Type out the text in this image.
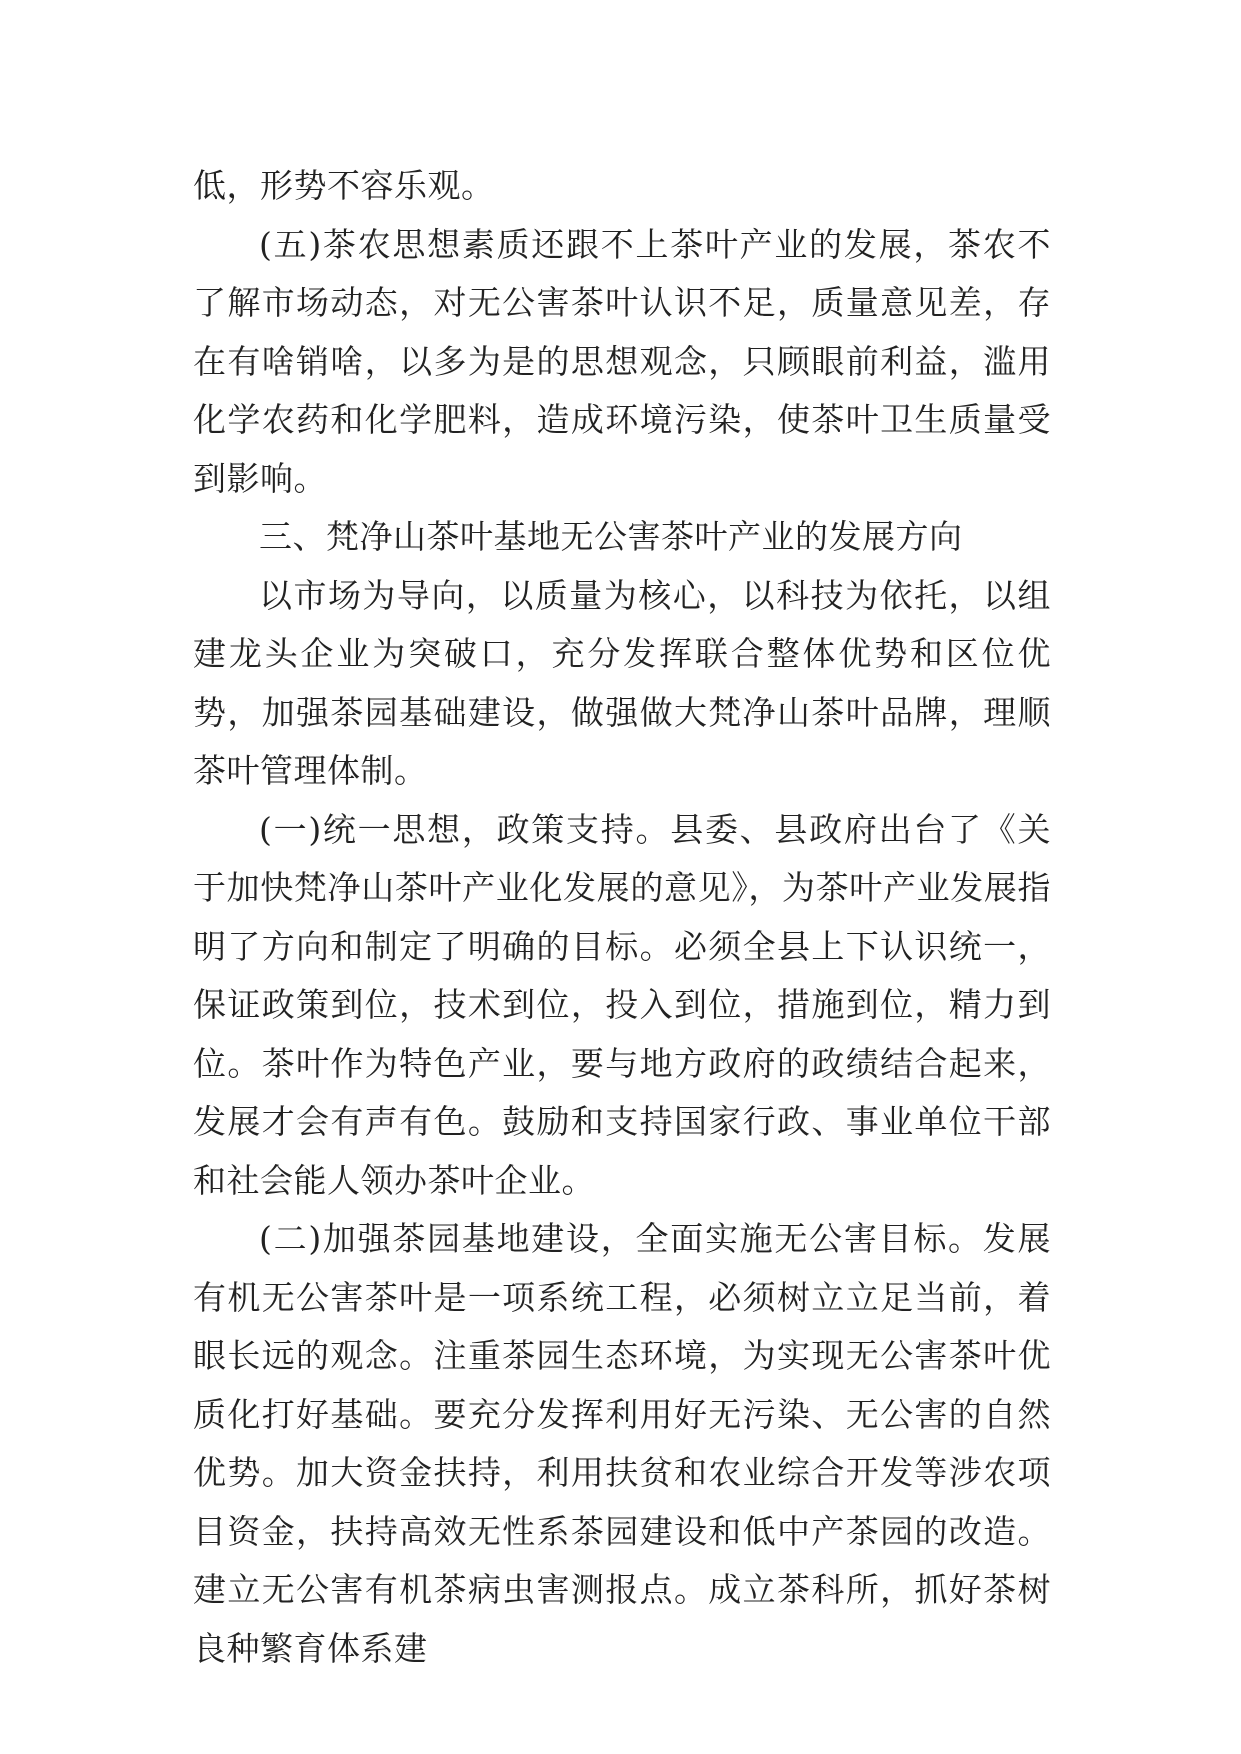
低，形势不容乐观。

(五)茶农思想素质还跟不上茶叶产业的发展，茶农不了解市场动态，对无公害茶叶认识不足，质量意见差，存在有啥销啥，以多为是的思想观念，只顾眼前利益，滥用化学农药和化学肥料，造成环境污染，使茶叶卫生质量受到影响。

三、梵净山茶叶基地无公害茶叶产业的发展方向

以市场为导向，以质量为核心，以科技为依托，以组建龙头企业为突破口，充分发挥联合整体优势和区位优势，加强茶园基础建设，做强做大梵净山茶叶品牌，理顺茶叶管理体制。

(一)统一思想，政策支持。县委、县政府出台了《关于加快梵净山茶叶产业化发展的意见》，为茶叶产业发展指明了方向和制定了明确的目标。必须全县上下认识统一，保证政策到位，技术到位，投入到位，措施到位，精力到位。茶叶作为特色产业，要与地方政府的政绩结合起来，发展才会有声有色。鼓励和支持国家行政、事业单位干部和社会能人领办茶叶企业。

(二)加强茶园基地建设，全面实施无公害目标。发展有机无公害茶叶是一项系统工程，必须树立立足当前，着眼长远的观念。注重茶园生态环境，为实现无公害茶叶优质化打好基础。要充分发挥利用好无污染、无公害的自然优势。加大资金扶持，利用扶贫和农业综合开发等涉农项目资金，扶持高效无性系茶园建设和低中产茶园的改造。建立无公害有机茶病虫害测报点。成立茶科所，抓好茶树良种繁育体系建
